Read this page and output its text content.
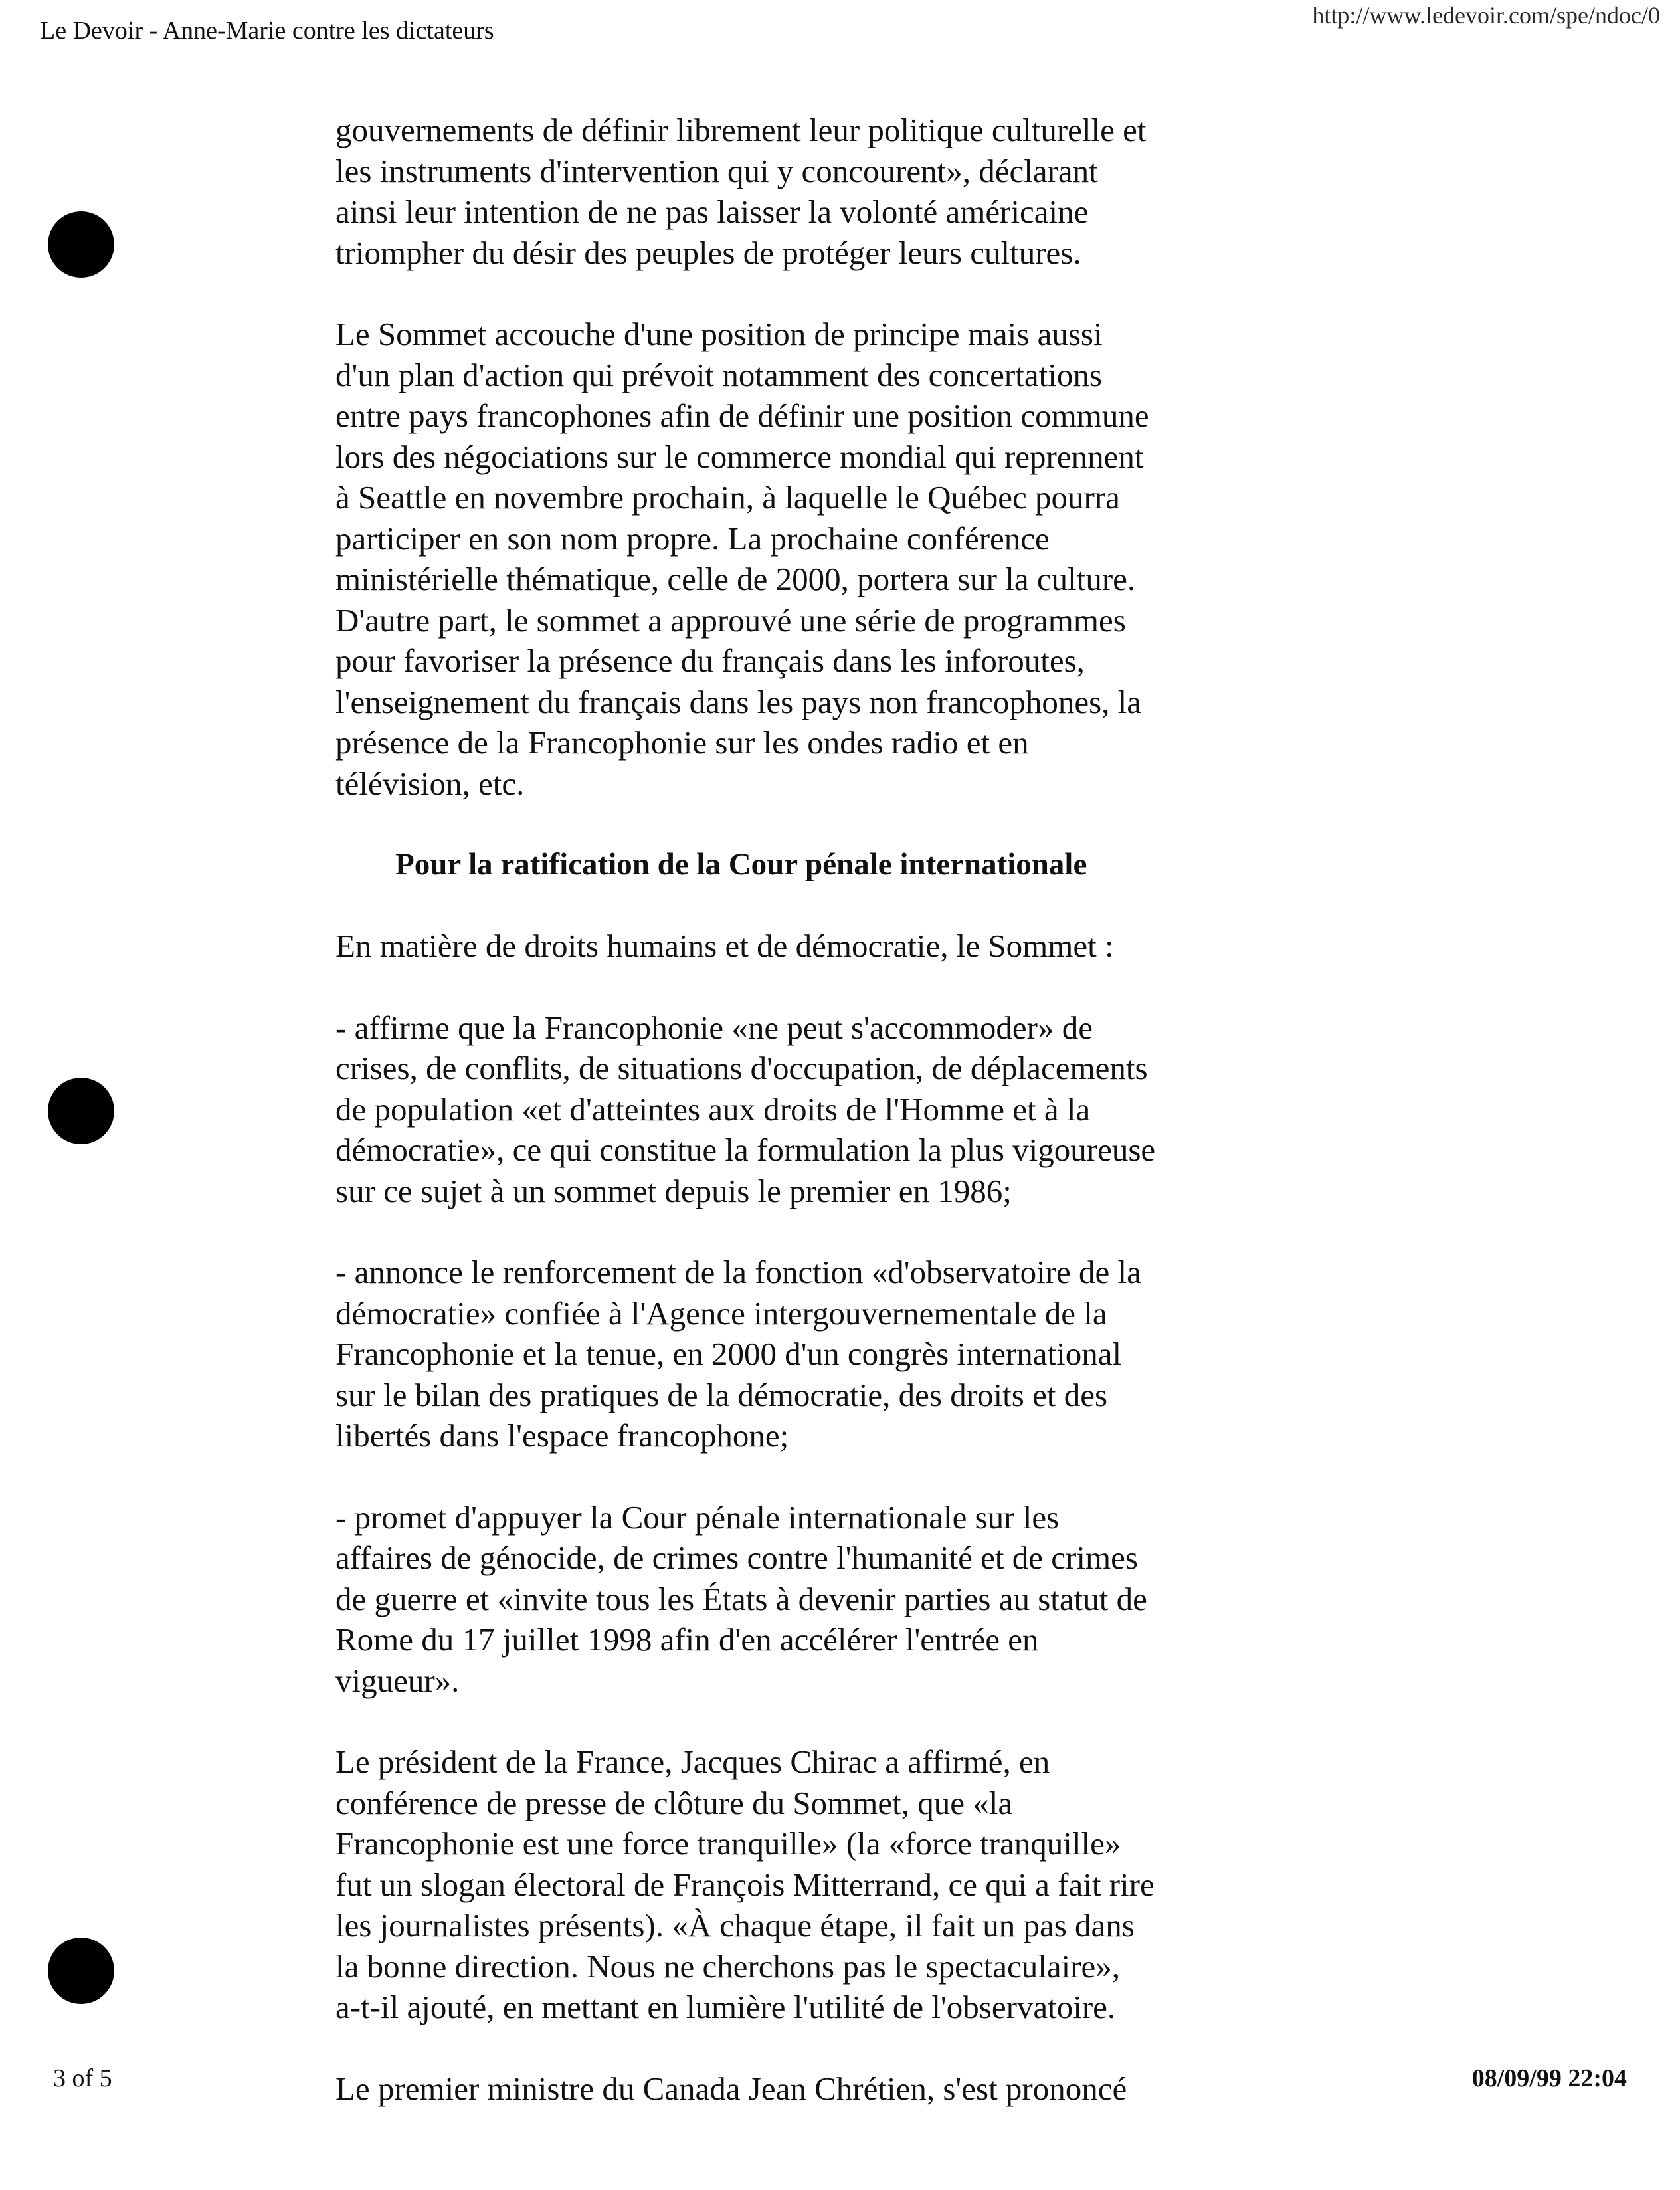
Le Devoir - Anne-Marie contre les dictateurs
http://www.ledevoir.com/spe/ndoc/0

gouvernements de définir librement leur politique culturelle et
les instruments d'intervention qui y concourent», déclarant
ainsi leur intention de ne pas laisser la volonté américaine
triompher du désir des peuples de protéger leurs cultures.

Le Sommet accouche d'une position de principe mais aussi
d'un plan d'action qui prévoit notamment des concertations
entre pays francophones afin de définir une position commune
lors des négociations sur le commerce mondial qui reprennent
à Seattle en novembre prochain, à laquelle le Québec pourra
participer en son nom propre. La prochaine conférence
ministérielle thématique, celle de 2000, portera sur la culture.
D'autre part, le sommet a approuvé une série de programmes
pour favoriser la présence du français dans les inforoutes,
l'enseignement du français dans les pays non francophones, la
présence de la Francophonie sur les ondes radio et en
télévision, etc.

Pour la ratification de la Cour pénale internationale

En matière de droits humains et de démocratie, le Sommet :

- affirme que la Francophonie «ne peut s'accommoder» de
crises, de conflits, de situations d'occupation, de déplacements
de population «et d'atteintes aux droits de l'Homme et à la
démocratie», ce qui constitue la formulation la plus vigoureuse
sur ce sujet à un sommet depuis le premier en 1986;

- annonce le renforcement de la fonction «d'observatoire de la
démocratie» confiée à l'Agence intergouvernementale de la
Francophonie et la tenue, en 2000 d'un congrès international
sur le bilan des pratiques de la démocratie, des droits et des
libertés dans l'espace francophone;

- promet d'appuyer la Cour pénale internationale sur les
affaires de génocide, de crimes contre l'humanité et de crimes
de guerre et «invite tous les États à devenir parties au statut de
Rome du 17 juillet 1998 afin d'en accélérer l'entrée en
vigueur».

Le président de la France, Jacques Chirac a affirmé, en
conférence de presse de clôture du Sommet, que «la
Francophonie est une force tranquille» (la «force tranquille»
fut un slogan électoral de François Mitterrand, ce qui a fait rire
les journalistes présents). «À chaque étape, il fait un pas dans
la bonne direction. Nous ne cherchons pas le spectaculaire»,
a-t-il ajouté, en mettant en lumière l'utilité de l'observatoire.

Le premier ministre du Canada Jean Chrétien, s'est prononcé

3 of 5	08/09/99 22:04
